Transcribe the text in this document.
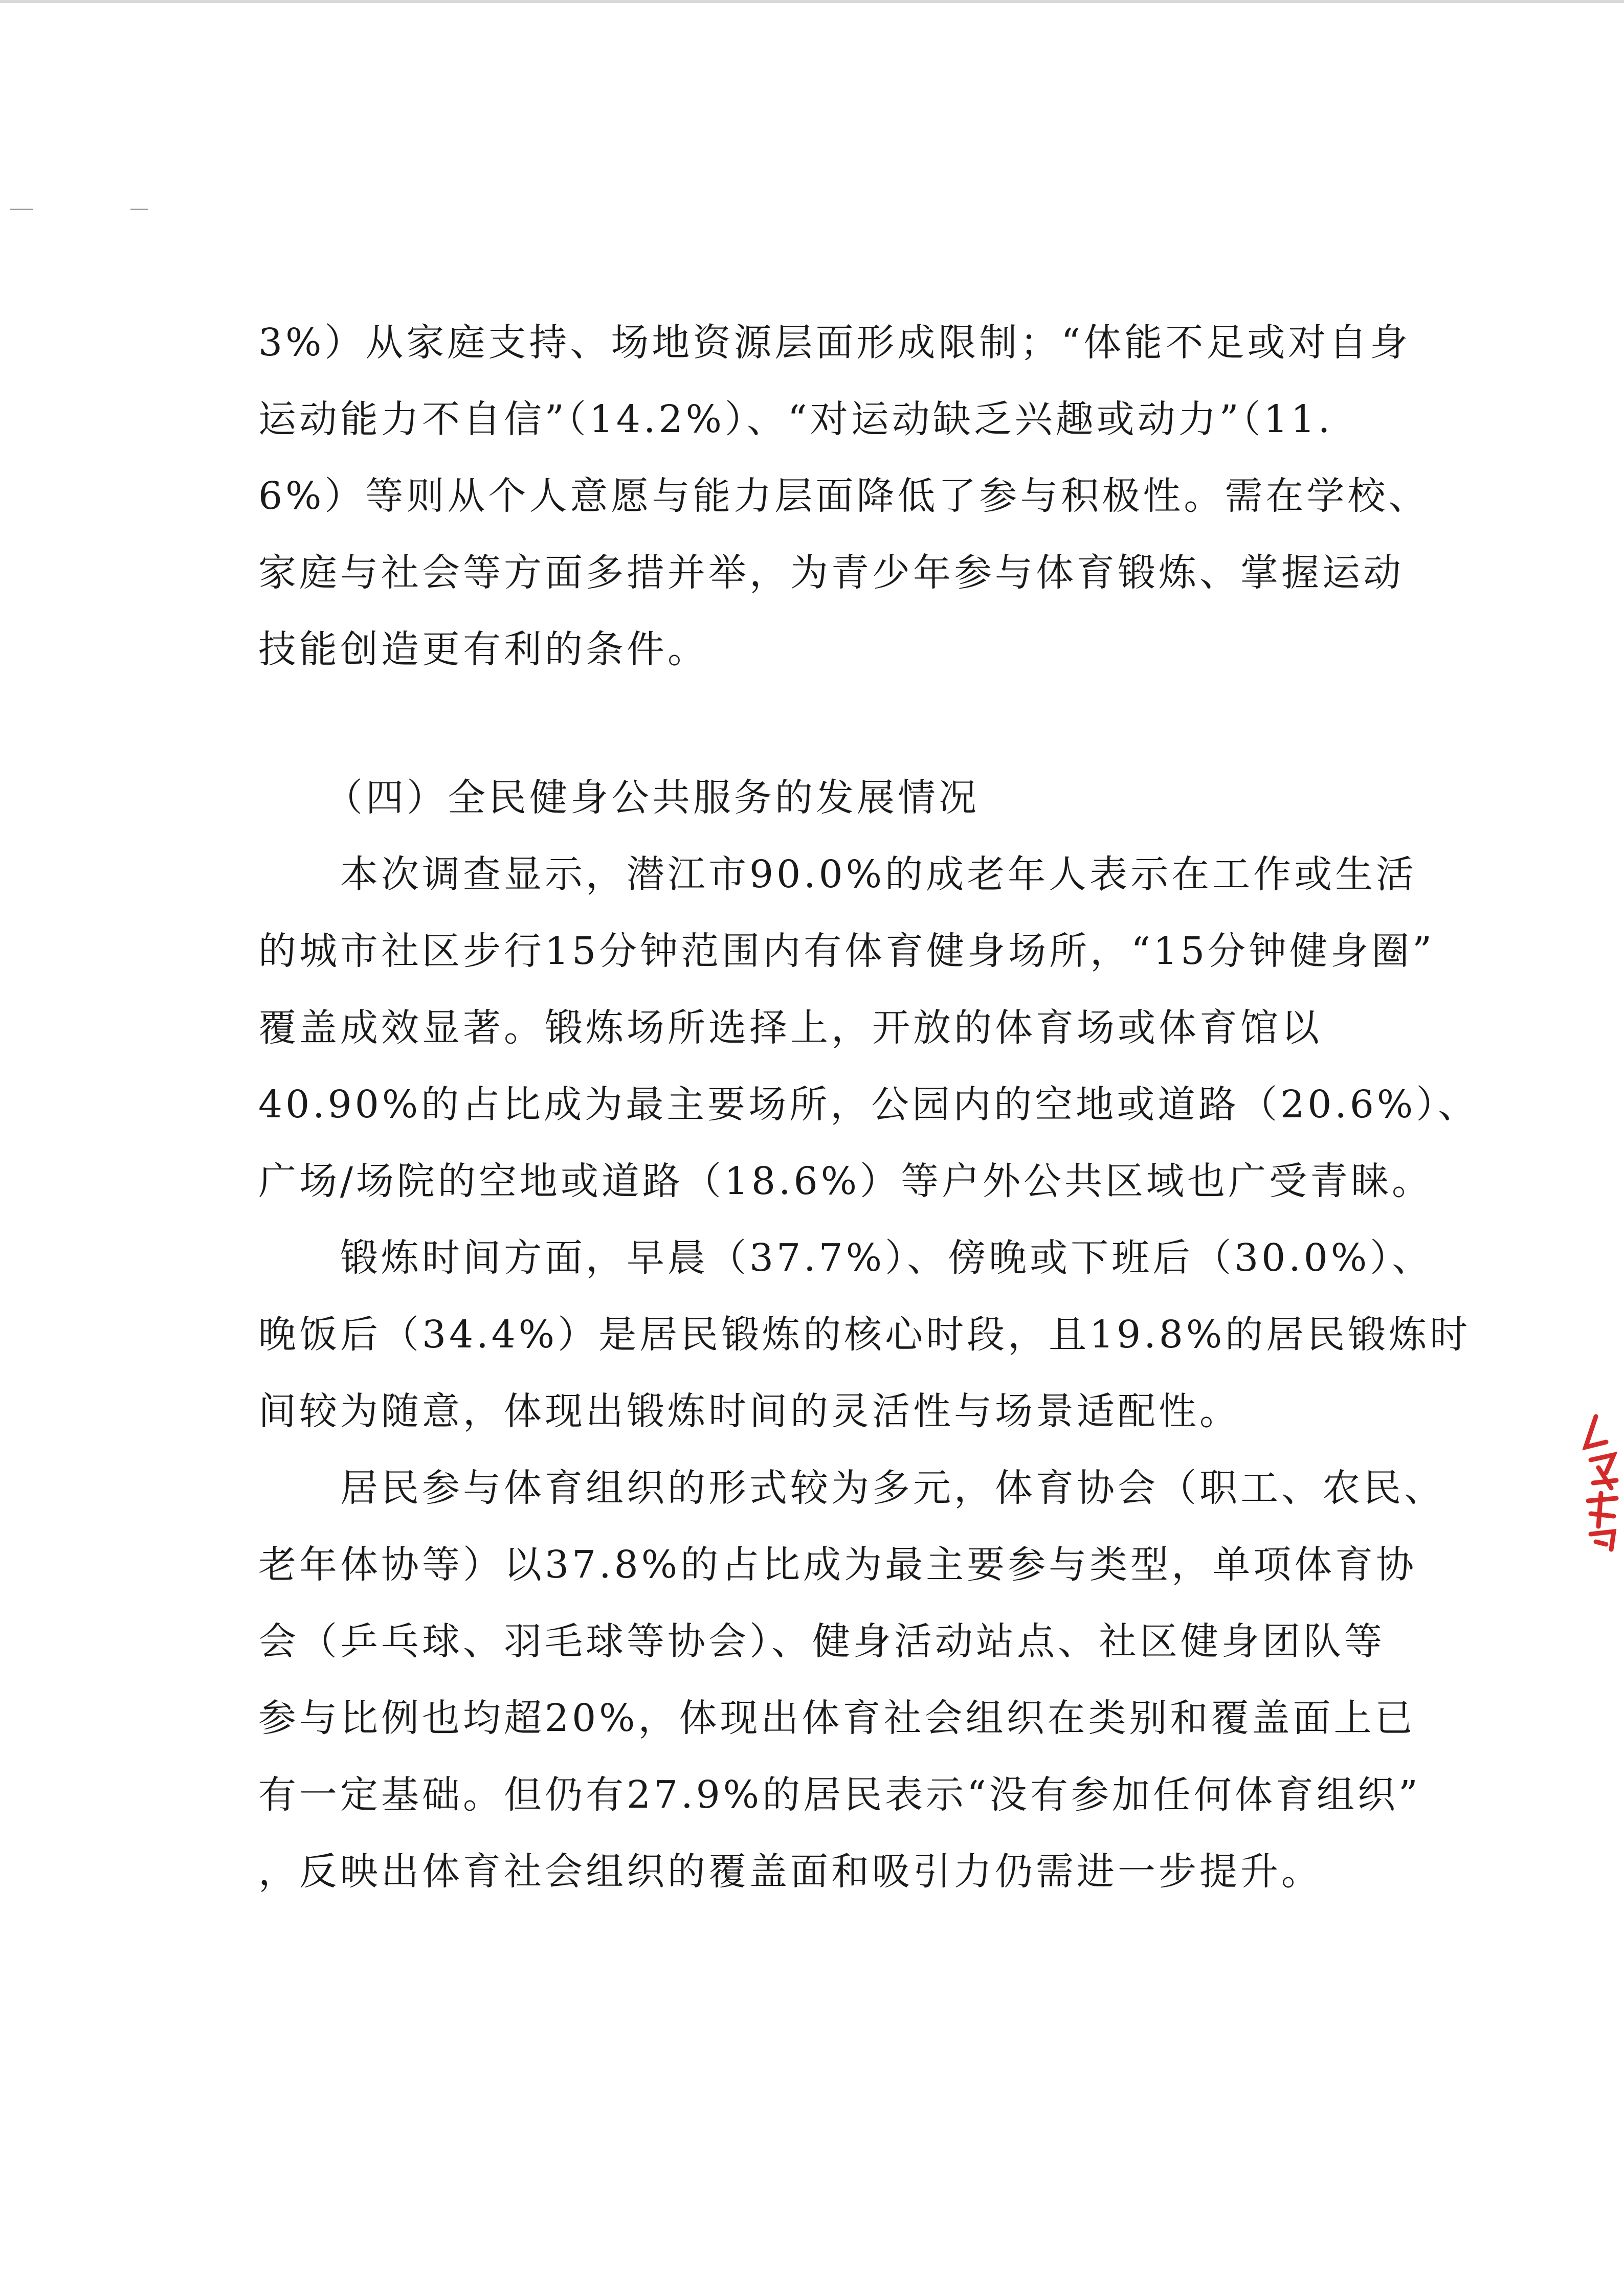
3%）从家庭支持、场地资源层面形成限制；“体能不足或对自身
运动能力不自信”（14.2%）、“对运动缺乏兴趣或动力”（11.
6%）等则从个人意愿与能力层面降低了参与积极性。需在学校、
家庭与社会等方面多措并举，为青少年参与体育锻炼、掌握运动
技能创造更有利的条件。
（四）全民健身公共服务的发展情况
本次调查显示，潜江市90.0%的成老年人表示在工作或生活
的城市社区步行15分钟范围内有体育健身场所，“15分钟健身圈”
覆盖成效显著。锻炼场所选择上，开放的体育场或体育馆以
40.90%的占比成为最主要场所，公园内的空地或道路（20.6%）、
广场/场院的空地或道路（18.6%）等户外公共区域也广受青睐。
锻炼时间方面，早晨（37.7%）、傍晚或下班后（30.0%）、
晚饭后（34.4%）是居民锻炼的核心时段，且19.8%的居民锻炼时
间较为随意，体现出锻炼时间的灵活性与场景适配性。
居民参与体育组织的形式较为多元，体育协会（职工、农民、
老年体协等）以37.8%的占比成为最主要参与类型，单项体育协
会（乒乓球、羽毛球等协会）、健身活动站点、社区健身团队等
参与比例也均超20%，体现出体育社会组织在类别和覆盖面上已
有一定基础。但仍有27.9%的居民表示“没有参加任何体育组织”
，反映出体育社会组织的覆盖面和吸引力仍需进一步提升。
